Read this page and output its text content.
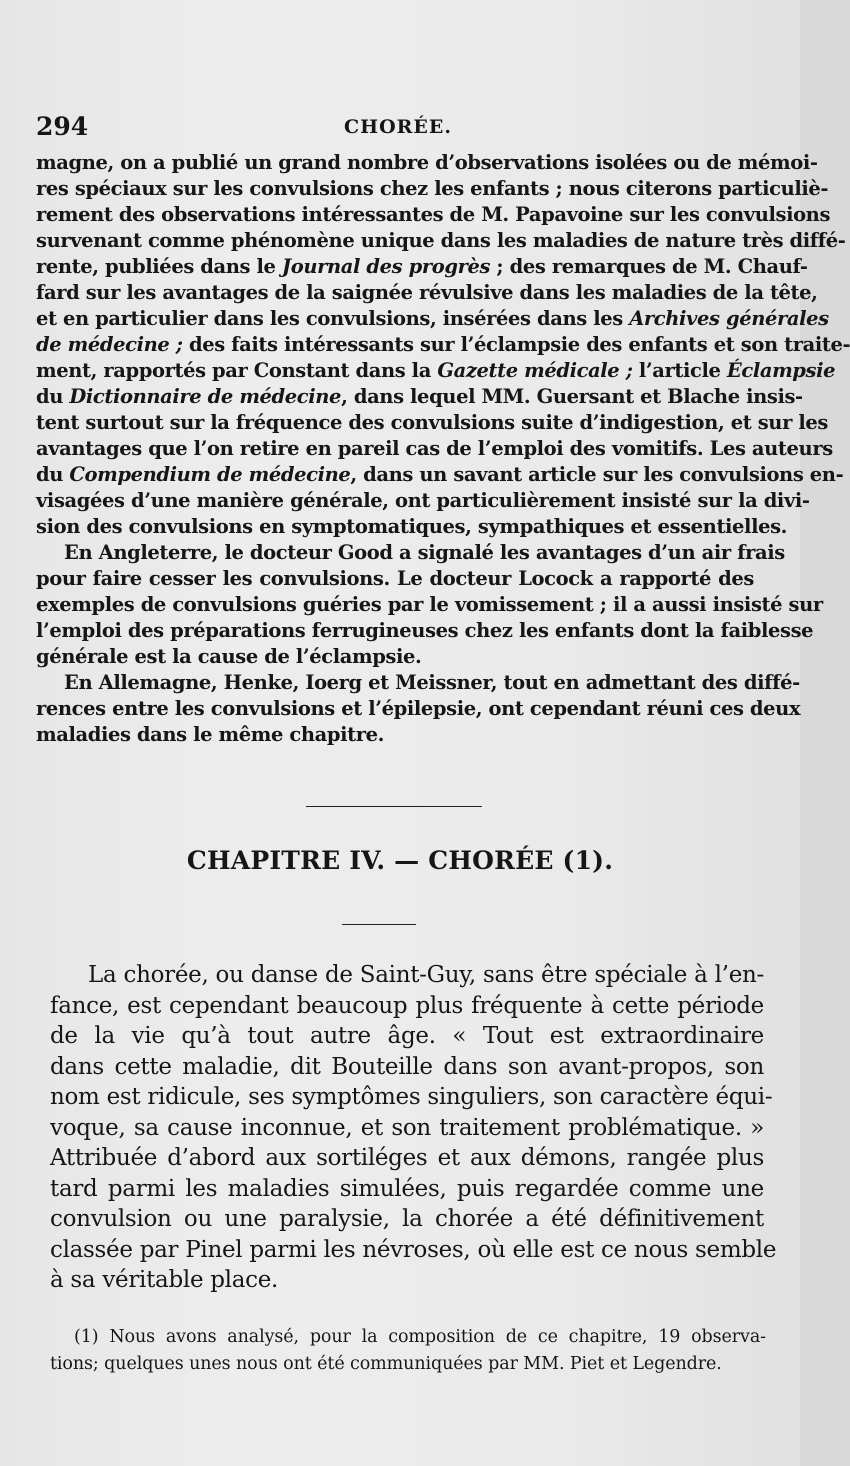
294	CHORÉE.
magne, on a publié un grand nombre d’observations isolées ou de mémoi-
res spéciaux sur les convulsions chez les enfants ; nous citerons particuliè-
rement des observations intéressantes de M. Papavoine sur les convulsions
survenant comme phénomène unique dans les maladies de nature très diffé-
rente, publiées dans le Journal des progrès ; des remarques de M. Chauf-
fard sur les avantages de la saignée révulsive dans les maladies de la tête,
et en particulier dans les convulsions, insérées dans les Archives générales
de médecine ; des faits intéressants sur l’éclampsie des enfants et son traite-
ment, rapportés par Constant dans la Gazette médicale ; l’article Éclampsie
du Dictionnaire de médecine, dans lequel MM. Guersant et Blache insis-
tent surtout sur la fréquence des convulsions suite d’indigestion, et sur les
avantages que l’on retire en pareil cas de l’emploi des vomitifs. Les auteurs
du Compendium de médecine, dans un savant article sur les convulsions en-
visagées d’une manière générale, ont particulièrement insisté sur la divi-
sion des convulsions en symptomatiques, sympathiques et essentielles.
En Angleterre, le docteur Good a signalé les avantages d’un air frais
pour faire cesser les convulsions. Le docteur Locock a rapporté des
exemples de convulsions guéries par le vomissement ; il a aussi insisté sur
l’emploi des préparations ferrugineuses chez les enfants dont la faiblesse
générale est la cause de l’éclampsie.
En Allemagne, Henke, Ioerg et Meissner, tout en admettant des diffé-
rences entre les convulsions et l’épilepsie, ont cependant réuni ces deux
maladies dans le même chapitre.
CHAPITRE IV. — CHORÉE (1).
La chorée, ou danse de Saint-Guy, sans être spéciale à l’en-
fance, est cependant beaucoup plus fréquente à cette période
de la vie qu’à tout autre âge. « Tout est extraordinaire
dans cette maladie, dit Bouteille dans son avant-propos, son
nom est ridicule, ses symptômes singuliers, son caractère équi-
voque, sa cause inconnue, et son traitement problématique. »
Attribuée d’abord aux sortiléges et aux démons, rangée plus
tard parmi les maladies simulées, puis regardée comme une
convulsion ou une paralysie, la chorée a été définitivement
classée par Pinel parmi les névroses, où elle est ce nous semble
à sa véritable place.
(1) Nous avons analysé, pour la composition de ce chapitre, 19 observa-
tions; quelques unes nous ont été communiquées par MM. Piet et Legendre.
